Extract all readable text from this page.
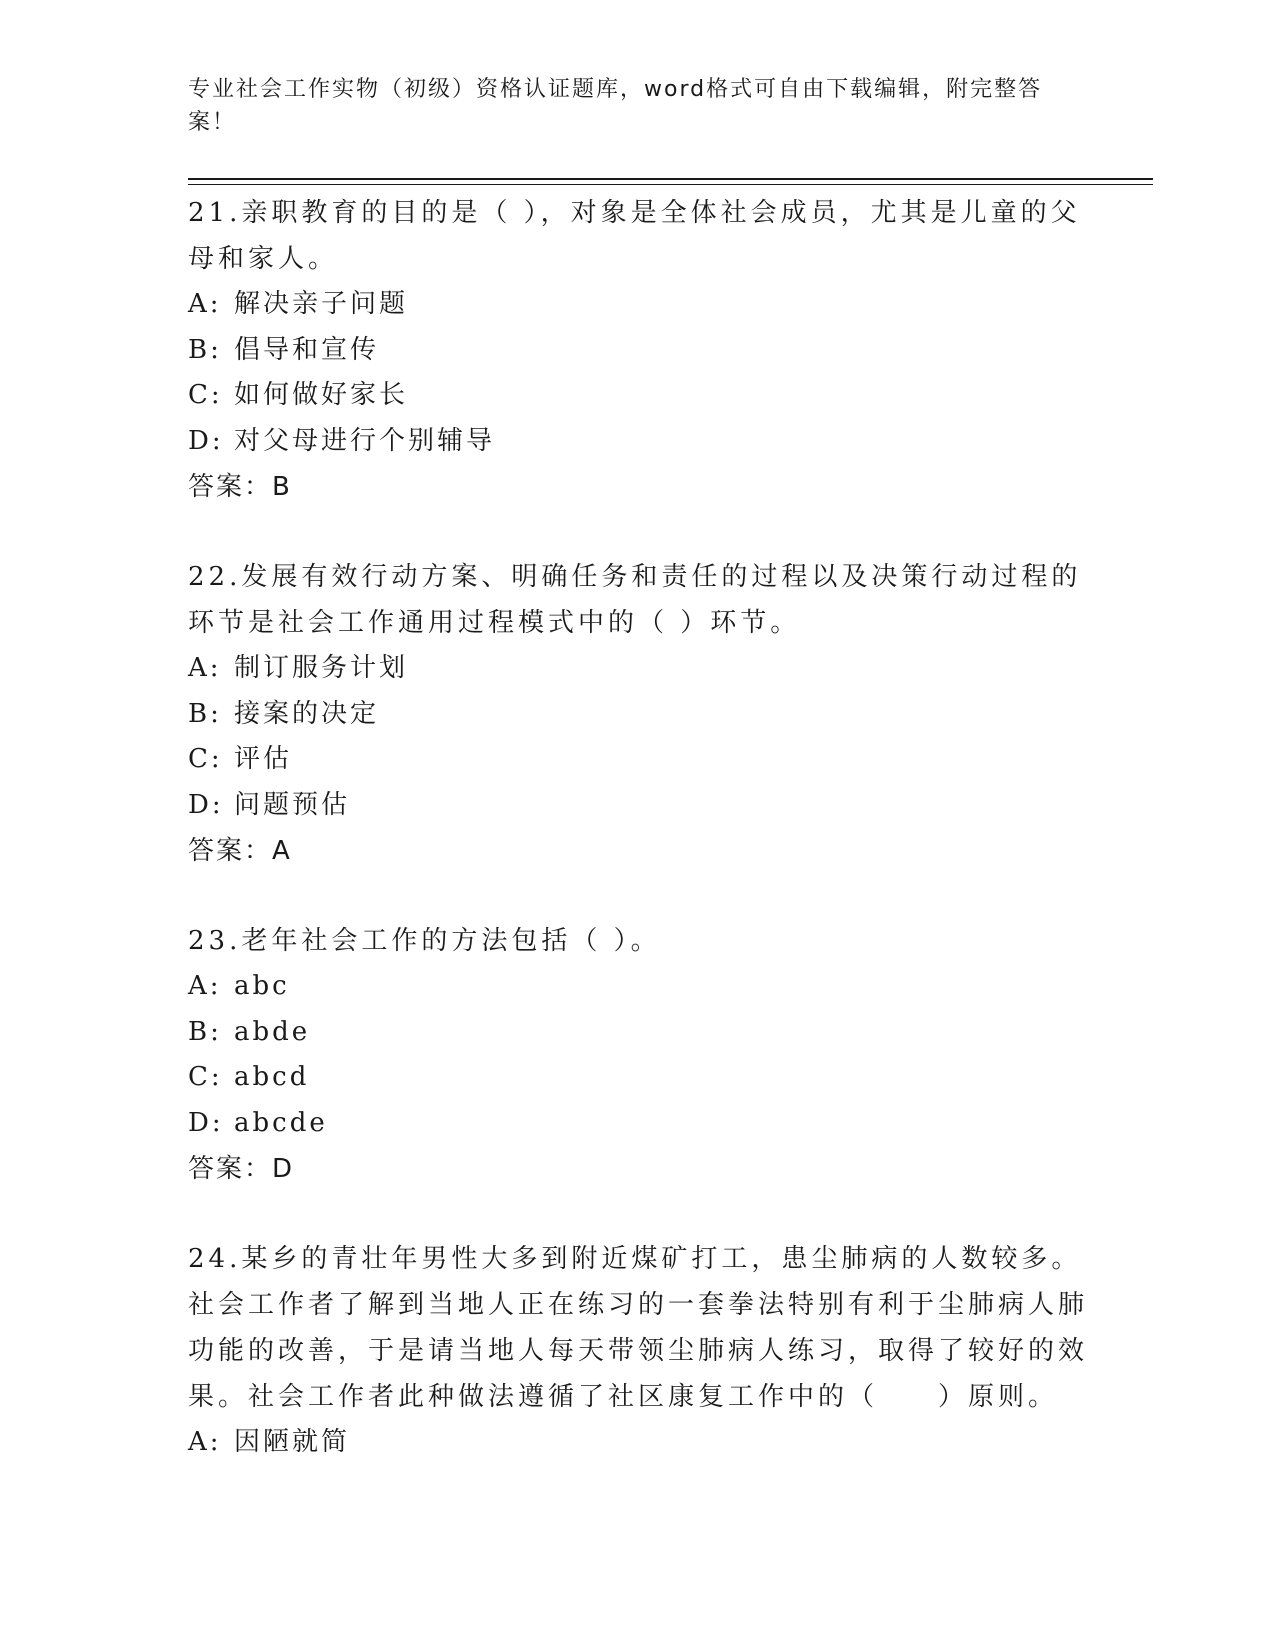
专业社会工作实物（初级）资格认证题库，word格式可自由下载编辑，附完整答案！
21.亲职教育的目的是（ ），对象是全体社会成员，尤其是儿童的父母和家人。
A: 解决亲子问题
B: 倡导和宣传
C: 如何做好家长
D: 对父母进行个别辅导
答案：B
22.发展有效行动方案、明确任务和责任的过程以及决策行动过程的环节是社会工作通用过程模式中的（ ）环节。
A: 制订服务计划
B: 接案的决定
C: 评估
D: 问题预估
答案：A
23.老年社会工作的方法包括（ ）。
A: abc
B: abde
C: abcd
D: abcde
答案：D
24.某乡的青壮年男性大多到附近煤矿打工，患尘肺病的人数较多。社会工作者了解到当地人正在练习的一套拳法特别有利于尘肺病人肺功能的改善，于是请当地人每天带领尘肺病人练习，取得了较好的效果。社会工作者此种做法遵循了社区康复工作中的（　　）原则。
A: 因陋就简
